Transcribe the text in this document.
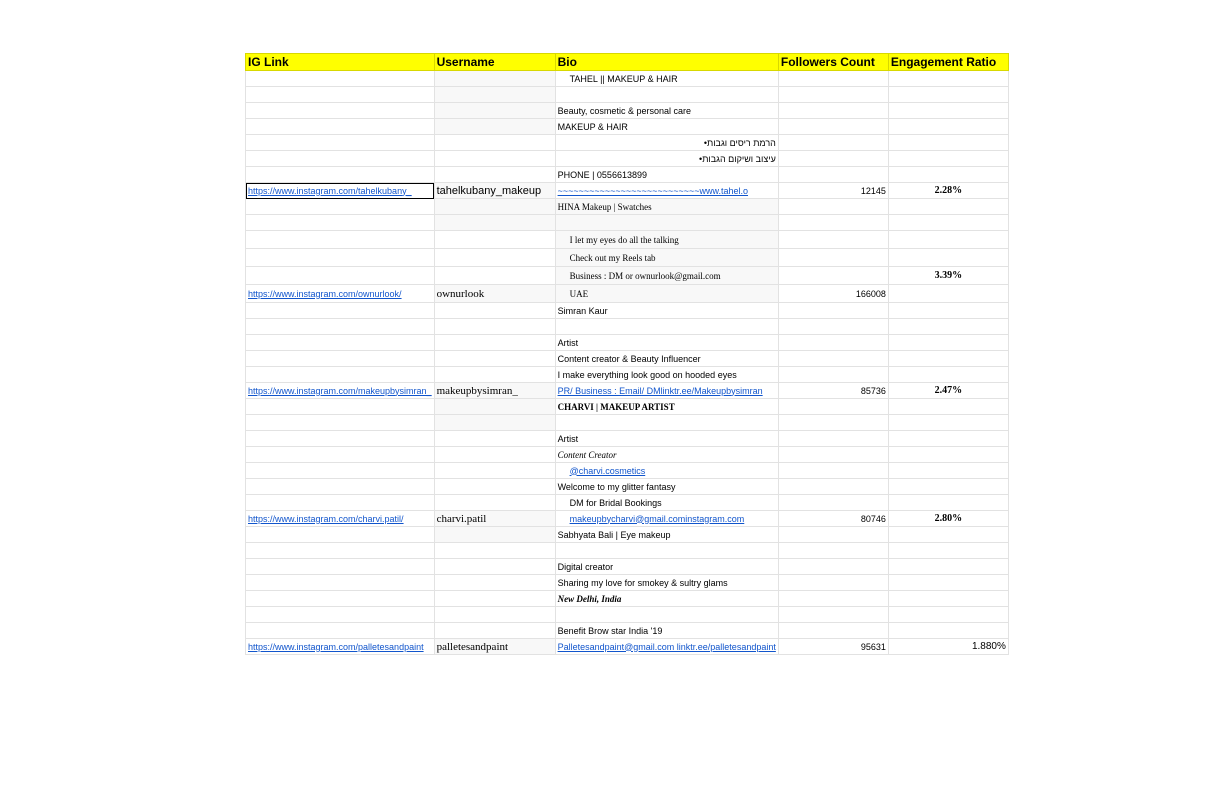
IG Link	Username	Bio	Followers Count	Engagement Ratio
		TAHEL || MAKEUP & HAIR		

		Beauty, cosmetic & personal care		
		MAKEUP & HAIR		
		•הרמת ריסים וגבות		
		•עיצוב ושיקום הגבות		
		PHONE | 0556613899		
https://www.instagram.com/tahelkubany_	tahelkubany_makeup	~~~~~~~~~~~~~~~~~~~~~~~~~~~www.tahel.o	12145	2.28%
		HINA Makeup | Swatches		

		I let my eyes do all the talking		
		Check out my Reels tab		
		Business : DM or ownurlook@gmail.com		3.39%
https://www.instagram.com/ownurlook/	ownurlook	UAE	166008	
		Simran Kaur		

		Artist		
		Content creator & Beauty Influencer		
		I make everything look good on hooded eyes		
https://www.instagram.com/makeupbysimran_	makeupbysimran_	PR/ Business : Email/ DMlinktr.ee/Makeupbysimran	85736	2.47%
		CHARVI | MAKEUP ARTIST		

		Artist		
		Content Creator		
		@charvi.cosmetics		
		Welcome to my glitter fantasy		
		DM for Bridal Bookings		
https://www.instagram.com/charvi.patil/	charvi.patil	makeupbycharvi@gmail.cominstagram.com	80746	2.80%
		Sabhyata Bali | Eye makeup		

		Digital creator		
		Sharing my love for smokey & sultry glams		
		New Delhi, India		

		Benefit Brow star India '19		
https://www.instagram.com/palletesandpaint	palletesandpaint	Palletesandpaint@gmail.com linktr.ee/palletesandpaint	95631	1.880%
